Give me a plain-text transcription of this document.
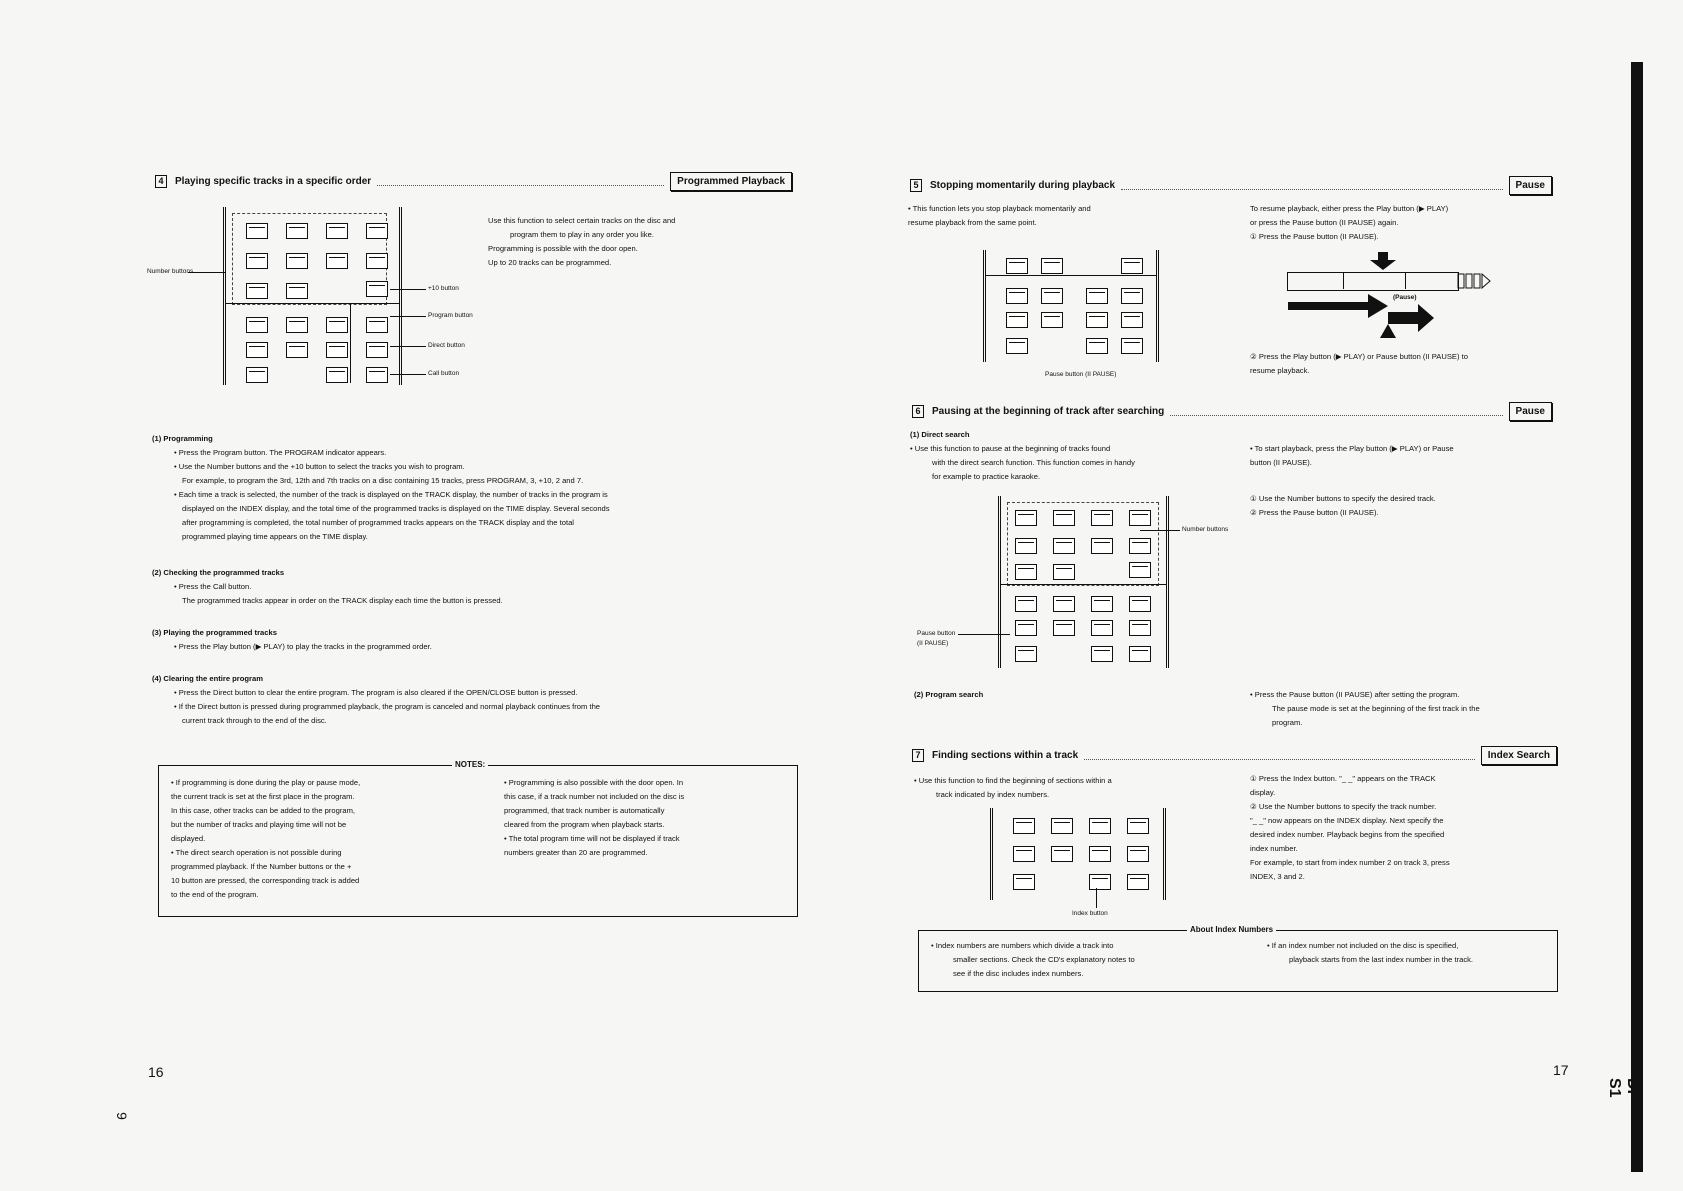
4	Playing specific tracks in a specific order	Programmed Playback
Number buttons
+10 button
Program button
Direct button
Call button

Use this function to select certain tracks on the disc and

program them to play in any order you like.

Programming is possible with the door open.

Up to 20 tracks can be programmed.

(1) Programming

• Press the Program button. The PROGRAM indicator appears.

• Use the Number buttons and the +10 button to select the tracks you wish to program.

For example, to program the 3rd, 12th and 7th tracks on a disc containing 15 tracks, press PROGRAM, 3, +10, 2 and 7.

• Each time a track is selected, the number of the track is displayed on the TRACK display, the number of tracks in the program is

displayed on the INDEX display, and the total time of the programmed tracks is displayed on the TIME display. Several seconds

after programming is completed, the total number of programmed tracks appears on the TRACK display and the total

programmed playing time appears on the TIME display.

(2) Checking the programmed tracks

• Press the Call button.

The programmed tracks appear in order on the TRACK display each time the button is pressed.

(3) Playing the programmed tracks

• Press the Play button (▶ PLAY) to play the tracks in the programmed order.

(4) Clearing the entire program

• Press the Direct button to clear the entire program. The program is also cleared if the OPEN/CLOSE button is pressed.

• If the Direct button is pressed during programmed playback, the program is canceled and normal playback continues from the

current track through to the end of the disc.

NOTES:

• If programming is done during the play or pause mode,

the current track is set at the first place in the program.

In this case, other tracks can be added to the program,

but the number of tracks and playing time will not be

displayed.

• The direct search operation is not possible during

programmed playback. If the Number buttons or the +

10 button are pressed, the corresponding track is added

to the end of the program.

• Programming is also possible with the door open. In

this case, if a track number not included on the disc is

programmed, that track number is automatically

cleared from the program when playback starts.

• The total program time will not be displayed if track

numbers greater than 20 are programmed.

16
9
5	Stopping momentarily during playback	Pause

• This function lets you stop playback momentarily and

resume playback from the same point.

To resume playback, either press the Play button (▶ PLAY)

or press the Pause button (II PAUSE) again.

① Press the Pause button (II PAUSE).

Pause button (II PAUSE)
(Pause)

② Press the Play button (▶ PLAY) or Pause button (II PAUSE) to

resume playback.

6	Pausing at the beginning of track after searching	Pause

(1) Direct search

• Use this function to pause at the beginning of tracks found

with the direct search function. This function comes in handy

for example to practice karaoke.

• To start playback, press the Play button (▶ PLAY) or Pause

button (II PAUSE).

① Use the Number buttons to specify the desired track.

② Press the Pause button (II PAUSE).

Number buttons
Pause button
(II PAUSE)

(2) Program search	• Press the Pause button (II PAUSE) after setting the program.

The pause mode is set at the beginning of the first track in the

program.

7	Finding sections within a track	Index Search

• Use this function to find the beginning of sections within a

track indicated by index numbers.

① Press the Index button. "_ _" appears on the TRACK

display.

② Use the Number buttons to specify the track number.

"_ _" now appears on the INDEX display. Next specify the

desired index number. Playback begins from the specified

index number.

For example, to start from index number 2 on track 3, press

INDEX, 3 and 2.

Index button
About Index Numbers

• Index numbers are numbers which divide a track into

smaller sections. Check the CD's explanatory notes to

see if the disc includes index numbers.

• If an index number not included on the disc is specified,

playback starts from the last index number in the track.

17
DP-S1
